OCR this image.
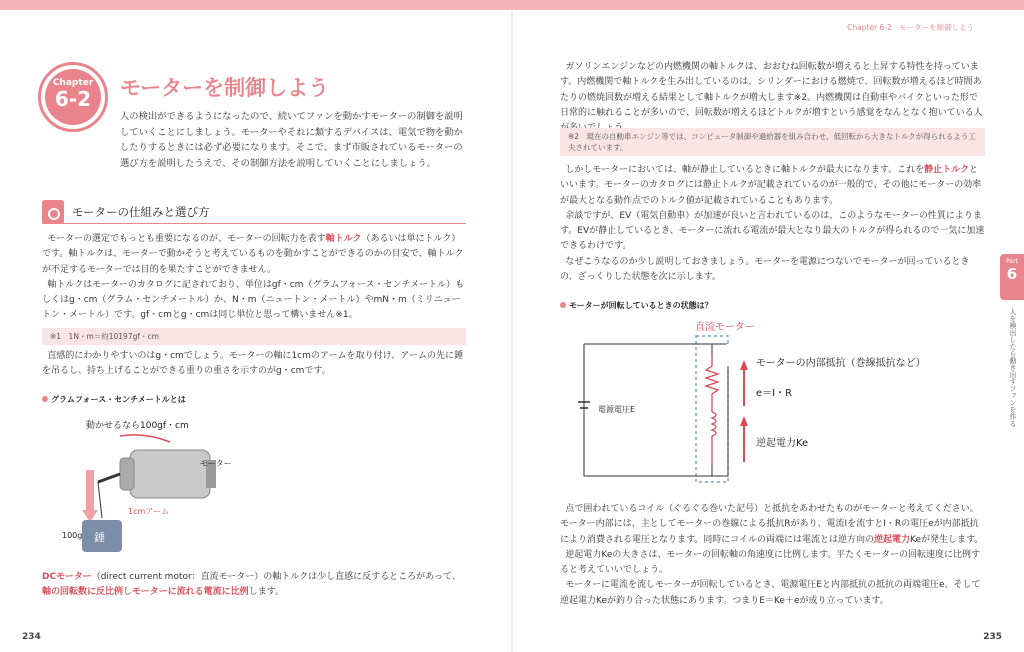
Chapter
6-2	モーターを制御しよう

人の検出ができるようになったので、続いてファンを動かすモーターの制御を説明していくことにしましょう。モーターやそれに類するデバイスは、電気で物を動かしたりするときには必ず必要になります。そこで、まず市販されているモーターの選び方を説明したうえで、その制御方法を説明していくことにしましょう。

モーターの仕組みと選び方

モーターの選定でもっとも重要になるのが、モーターの回転力を表す軸トルク（あるいは単にトルク）です。軸トルクは、モーターで動かそうと考えているものを動かすことができるのかの目安で、軸トルクが不足するモーターでは目的を果たすことができません。

軸トルクはモーターのカタログに記されており、単位はgf・cm（グラムフォース・センチメートル）もしくはg・cm（グラム・センチメートル）か、N・m（ニュートン・メートル）やmN・m（ミリニュートン・メートル）です。gf・cmとg・cmは同じ単位と思って構いません※1。

※1　1N・m＝約10197gf・cm

直感的にわかりやすいのはg・cmでしょう。モーターの軸に1cmのアームを取り付け、アームの先に錘を吊るし、持ち上げることができる重りの重さを示すのがg・cmです。

グラムフォース・センチメートルとは
動かせるなら100gf・cm
モーター
1cmアーム
錘
100g

DCモーター（direct current motor：直流モーター）の軸トルクは少し直感に反するところがあって、軸の回転数に反比例しモーターに流れる電流に比例します。

234
Chapter 6-2　モーターを制御しよう

ガソリンエンジンなどの内燃機関の軸トルクは、おおむね回転数が増えると上昇する特性を持っています。内燃機関で軸トルクを生み出しているのは、シリンダーにおける燃焼で、回転数が増えるほど時間あたりの燃焼回数が増える結果として軸トルクが増大します※2。内燃機関は自動車やバイクといった形で日常的に触れることが多いので、回転数が増えるほどトルクが増すという感覚をなんとなく抱いている人

※2　現在の自動車エンジン等では、コンピュータ制御や過給器を組み合わせ、低回転から大きなトルクが得られるよう工夫されています。

しかしモーターにおいては、軸が静止しているときに軸トルクが最大になります。これを静止トルクといいます。モーターのカタログには静止トルクが記載されているのが一般的で、その他にモーターの効率が最大となる動作点でのトルク値が記載されていることもあります。

余談ですが、EV（電気自動車）が加速が良いと言われているのは、このようなモーターの性質によります。EVが静止しているとき、モーターに流れる電流が最大となり最大のトルクが得られるので一気に加速できるわけです。

なぜこうなるのか少し説明しておきましょう。モーターを電源につないでモーターが回っているときの、ざっくりした状態を次に示します。

モーターが回転しているときの状態は？
直流モーター
電源電圧E
モーターの内部抵抗（巻線抵抗など）
e＝I・R
逆起電力Ke

点で囲われているコイル（ぐるぐる巻いた記号）と抵抗をあわせたものがモーターと考えてください。モーター内部には、主としてモーターの巻線による抵抗Rがあり、電流Iを流すとI・Rの電圧eが内部抵抗により消費される電圧となります。同時にコイルの両端には電流とは逆方向の逆起電力Keが発生します。

逆起電力Keの大きさは、モーターの回転軸の角速度に比例します。平たくモーターの回転速度に比例すると考えていいでしょう。

モーターに電流を流しモーターが回転しているとき、電源電圧Eと内部抵抗の抵抗の両端電圧e、そして逆起電力Keが釣り合った状態にあります。つまりE＝Ke＋eが成り立っています。

Part
6
人を検出したら動き出すファンを作る
235
